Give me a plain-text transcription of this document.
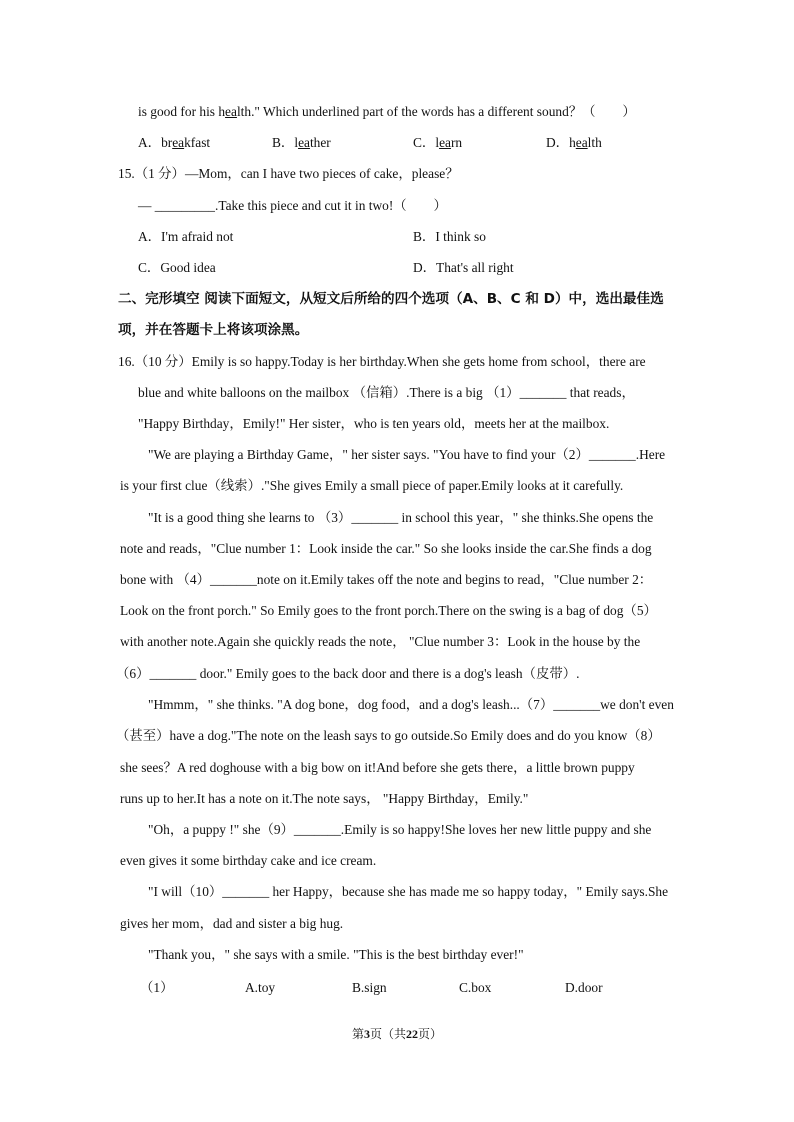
is good for his health." Which underlined part of the words has a different sound？（　　）
A．breakfast	B．leather	C．learn	D．health
15.（1 分）—Mom，can I have two pieces of cake，please？
— _________.Take this piece and cut it in two!（　　）
A．I'm afraid not	B．I think so
C．Good idea	D．That's all right
二、完形填空 阅读下面短文，从短文后所给的四个选项（A、B、C 和 D）中，选出最佳选
项，并在答题卡上将该项涂黑。
16.（10 分）Emily is so happy.Today is her birthday.When she gets home from school，there are
blue and white balloons on the mailbox （信箱）.There is a big （1）_______ that reads，
"Happy Birthday，Emily!" Her sister，who is ten years old，meets her at the mailbox.
"We are playing a Birthday Game，" her sister says. "You have to find your（2）_______.Here
is your first clue（线索）."She gives Emily a small piece of paper.Emily looks at it carefully.
"It is a good thing she learns to （3）_______ in school this year，" she thinks.She opens the
note and reads，"Clue number 1：Look inside the car." So she looks inside the car.She finds a dog
bone with （4）_______note on it.Emily takes off the note and begins to read，"Clue number 2：
Look on the front porch." So Emily goes to the front porch.There on the swing is a bag of dog（5）
with another note.Again she quickly reads the note， "Clue number 3：Look in the house by the
（6）_______ door." Emily goes to the back door and there is a dog's leash（皮带）.
"Hmmm，" she thinks. "A dog bone，dog food，and a dog's leash...（7）_______we don't even
（甚至）have a dog."The note on the leash says to go outside.So Emily does and do you know（8）
she sees？A red doghouse with a big bow on it!And before she gets there，a little brown puppy
runs up to her.It has a note on it.The note says， "Happy Birthday，Emily."
"Oh，a puppy !" she（9）_______.Emily is so happy!She loves her new little puppy and she
even gives it some birthday cake and ice cream.
"I will（10）_______ her Happy，because she has made me so happy today，" Emily says.She
gives her mom，dad and sister a big hug.
"Thank you，" she says with a smile. "This is the best birthday ever!"
（1）	A.toy	B.sign	C.box	D.door
第3页（共22页）
